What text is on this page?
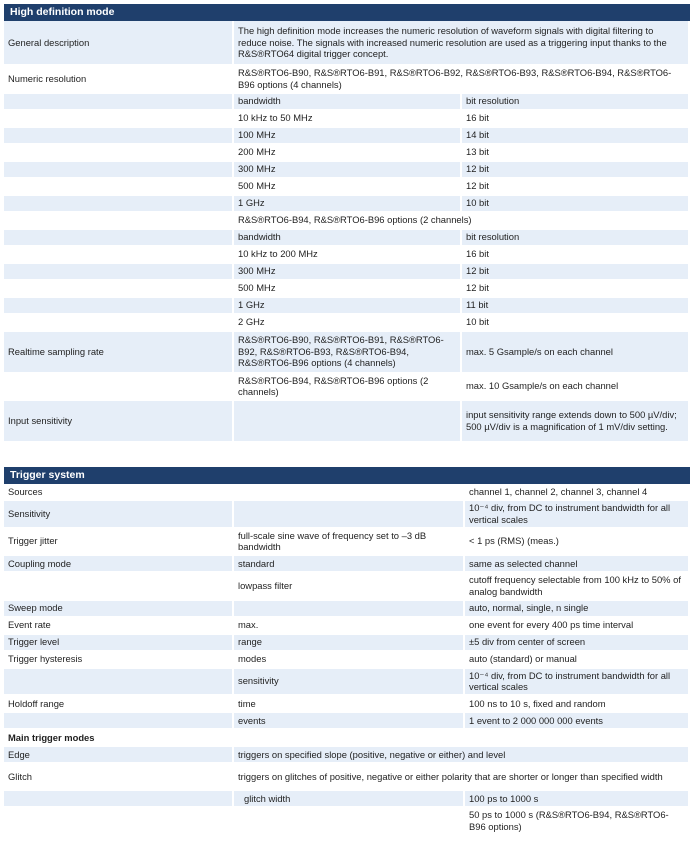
High definition mode
General description	The high definition mode increases the numeric resolution of waveform signals with digital filtering to reduce noise. The signals with increased numeric resolution are used as a triggering input thanks to the R&S®RTO64 digital trigger concept.	
Numeric resolution	R&S®RTO6-B90, R&S®RTO6-B91, R&S®RTO6-B92, R&S®RTO6-B93, R&S®RTO6-B94, R&S®RTO6-B96 options (4 channels)	
	bandwidth	bit resolution
	10 kHz to 50 MHz	16 bit
	100 MHz	14 bit
	200 MHz	13 bit
	300 MHz	12 bit
	500 MHz	12 bit
	1 GHz	10 bit
	R&S®RTO6-B94, R&S®RTO6-B96 options (2 channels)	
	bandwidth	bit resolution
	10 kHz to 200 MHz	16 bit
	300 MHz	12 bit
	500 MHz	12 bit
	1 GHz	11 bit
	2 GHz	10 bit
Realtime sampling rate	R&S®RTO6-B90, R&S®RTO6-B91, R&S®RTO6-B92, R&S®RTO6-B93, R&S®RTO6-B94, R&S®RTO6-B96 options (4 channels)	max. 5 Gsample/s on each channel
	R&S®RTO6-B94, R&S®RTO6-B96 options (2 channels)	max. 10 Gsample/s on each channel
Input sensitivity		input sensitivity range extends down to 500 µV/div; 500 µV/div is a magnification of 1 mV/div setting.
Trigger system
Sources		channel 1, channel 2, channel 3, channel 4
Sensitivity		10⁻⁴ div, from DC to instrument bandwidth for all vertical scales
Trigger jitter	full-scale sine wave of frequency set to –3 dB bandwidth	< 1 ps (RMS) (meas.)
Coupling mode	standard	same as selected channel
	lowpass filter	cutoff frequency selectable from 100 kHz to 50% of analog bandwidth
Sweep mode		auto, normal, single, n single
Event rate	max.	one event for every 400 ps time interval
Trigger level	range	±5 div from center of screen
Trigger hysteresis	modes	auto (standard) or manual
	sensitivity	10⁻⁴ div, from DC to instrument bandwidth for all vertical scales
Holdoff range	time	100 ns to 10 s, fixed and random
	events	1 event to 2 000 000 000 events
Main trigger modes		
Edge	triggers on specified slope (positive, negative or either) and level	
Glitch	triggers on glitches of positive, negative or either polarity that are shorter or longer than specified width	
	glitch width	100 ps to 1000 s
		50 ps to 1000 s (R&S®RTO6-B94, R&S®RTO6-B96 options)
